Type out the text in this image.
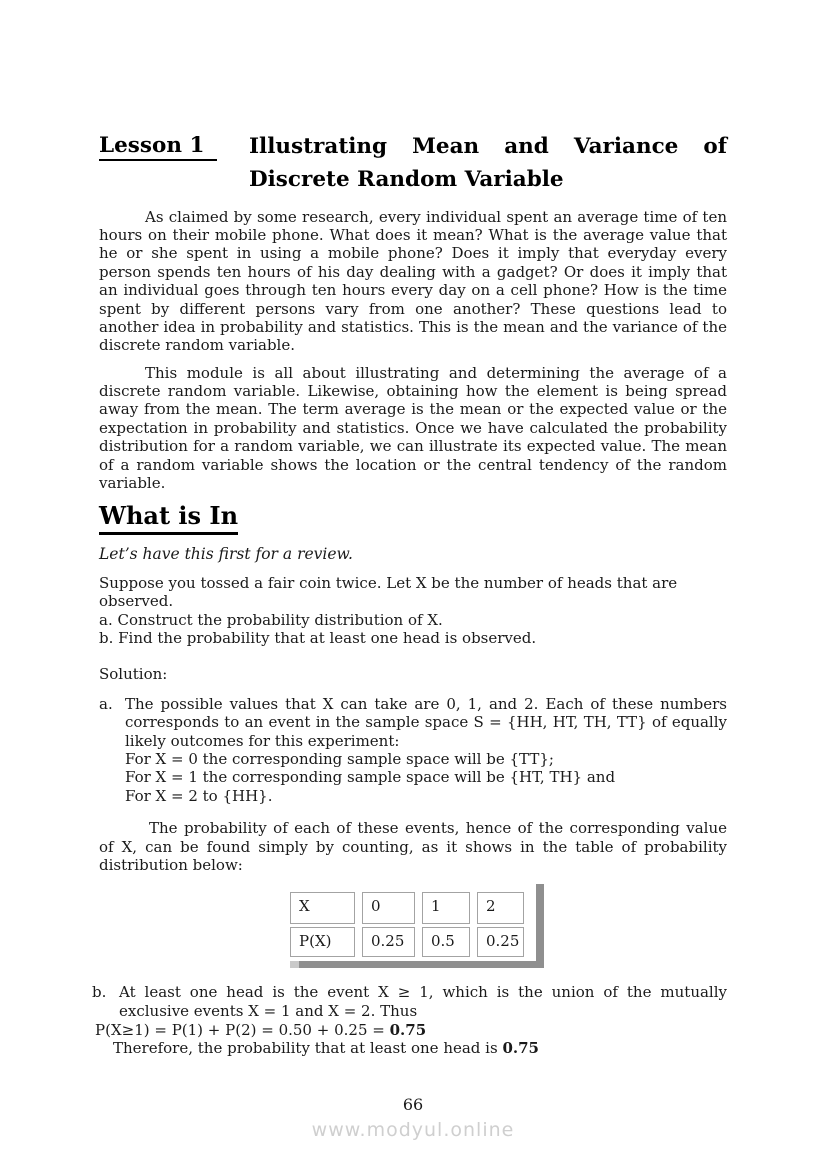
Lesson 1	Illustrating Mean and Variance of
Discrete Random Variable

As claimed by some research, every individual spent an average time of ten hours on their mobile phone. What does it mean? What is the average value that he or she spent in using a mobile phone? Does it imply that everyday every person spends ten hours of his day dealing with a gadget? Or does it imply that an individual goes through ten hours every day on a cell phone? How is the time spent by different persons vary from one another? These questions lead to another idea in probability and statistics. This is the mean and the variance of the discrete random variable.

This module is all about illustrating and determining the average of a discrete random variable. Likewise, obtaining how the element is being spread away from the mean. The term average is the mean or the expected value or the expectation in probability and statistics. Once we have calculated the probability distribution for a random variable, we can illustrate its expected value. The mean of a random variable shows the location or the central tendency of the random variable.

What is In

Let’s have this first for a review.

Suppose you tossed a fair coin twice. Let X be the number of heads that are observed.
a. Construct the probability distribution of X.
b. Find the probability that at least one head is observed.

Solution:

a. The possible values that X can take are 0, 1, and 2. Each of these numbers corresponds to an event in the sample space S = {HH, HT, TH, TT} of equally likely outcomes for this experiment:
For X = 0 the corresponding sample space will be {TT};
For X = 1 the corresponding sample space will be {HT, TH} and
For X = 2 to {HH}.

The probability of each of these events, hence of the corresponding value of X, can be found simply by counting, as it shows in the table of probability distribution below:

X	0	1	2
P(X)	0.25	0.5	0.25
b. At least one head is the event X ≥ 1, which is the union of the mutually exclusive events X = 1 and X = 2. Thus
P(X≥1) = P(1) + P(2) = 0.50 + 0.25 = 0.75
Therefore, the probability that at least one head is 0.75
66
www.modyul.online
